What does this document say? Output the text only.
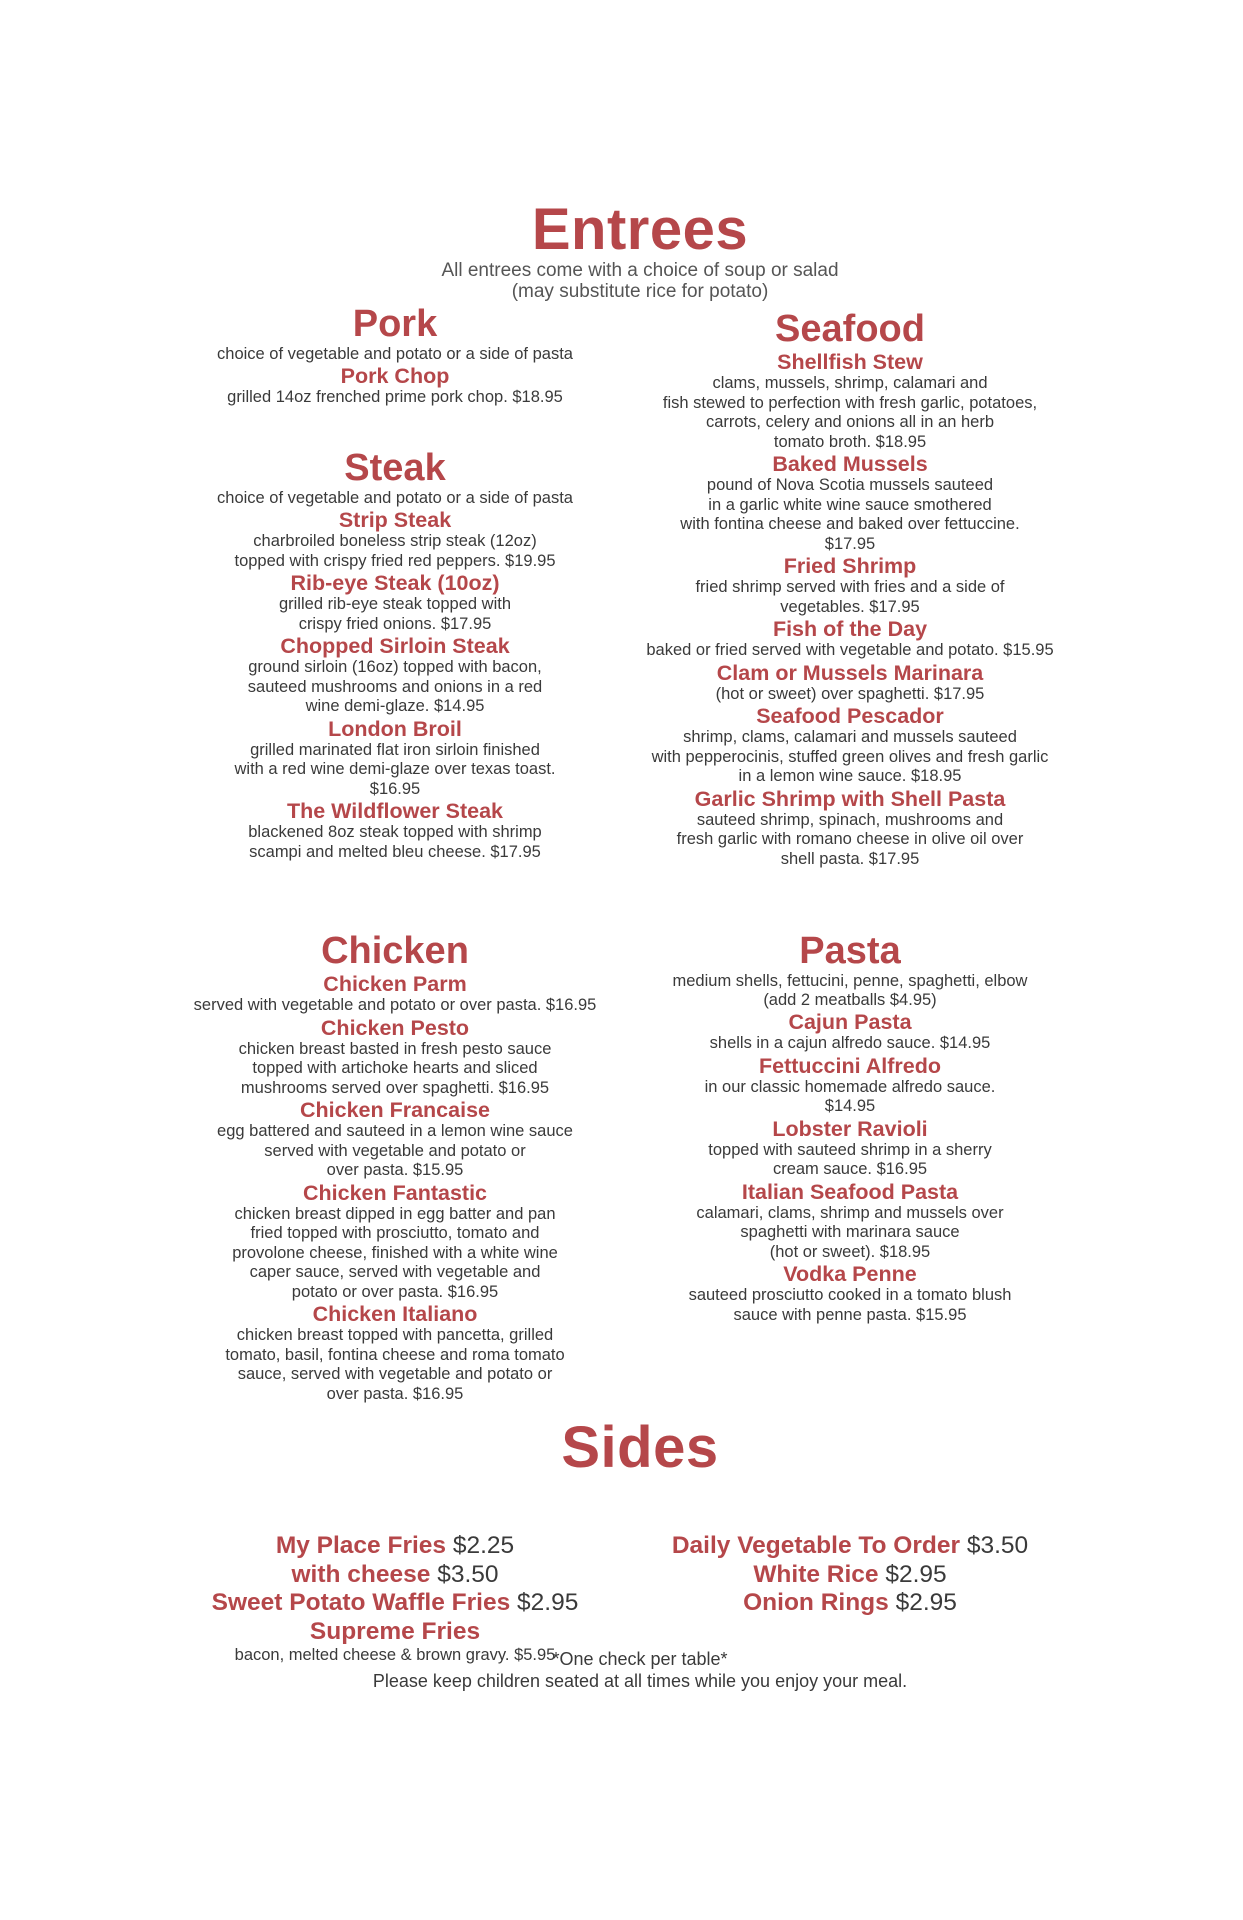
Entrees
All entrees come with a choice of soup or salad
(may substitute rice for potato)
Pork
choice of vegetable and potato or a side of pasta
Pork Chop
grilled 14oz frenched prime pork chop. $18.95
Steak
choice of vegetable and potato or a side of pasta
Strip Steak
charbroiled boneless strip steak (12oz)
topped with crispy fried red peppers. $19.95
Rib-eye Steak (10oz)
grilled rib-eye steak topped with
crispy fried onions. $17.95
Chopped Sirloin Steak
ground sirloin (16oz) topped with bacon,
sauteed mushrooms and onions in a red
wine demi-glaze. $14.95
London Broil
grilled marinated flat iron sirloin finished
with a red wine demi-glaze over texas toast.
$16.95
The Wildflower Steak
blackened 8oz steak topped with shrimp
scampi and melted bleu cheese. $17.95
Seafood
Shellfish Stew
clams, mussels, shrimp, calamari and
fish stewed to perfection with fresh garlic, potatoes,
carrots, celery and onions all in an herb
tomato broth. $18.95
Baked Mussels
pound of Nova Scotia mussels sauteed
in a garlic white wine sauce smothered
with fontina cheese and baked over fettuccine.
$17.95
Fried Shrimp
fried shrimp served with fries and a side of
vegetables. $17.95
Fish of the Day
baked or fried served with vegetable and potato. $15.95
Clam or Mussels Marinara
(hot or sweet) over spaghetti. $17.95
Seafood Pescador
shrimp, clams, calamari and mussels sauteed
with pepperocinis, stuffed green olives and fresh garlic
in a lemon wine sauce. $18.95
Garlic Shrimp with Shell Pasta
sauteed shrimp, spinach, mushrooms and
fresh garlic with romano cheese in olive oil over
shell pasta. $17.95
Chicken
Chicken Parm
served with vegetable and potato or over pasta. $16.95
Chicken Pesto
chicken breast basted in fresh pesto sauce
topped with artichoke hearts and sliced
mushrooms served over spaghetti. $16.95
Chicken Francaise
egg battered and sauteed in a lemon wine sauce
served with vegetable and potato or
over pasta. $15.95
Chicken Fantastic
chicken breast dipped in egg batter and pan
fried topped with prosciutto, tomato and
provolone cheese, finished with a white wine
caper sauce, served with vegetable and
potato or over pasta. $16.95
Chicken Italiano
chicken breast topped with pancetta, grilled
tomato, basil, fontina cheese and roma tomato
sauce, served with vegetable and potato or
over pasta. $16.95
Pasta
medium shells, fettucini, penne, spaghetti, elbow
(add 2 meatballs $4.95)
Cajun Pasta
shells in a cajun alfredo sauce. $14.95
Fettuccini Alfredo
in our classic homemade alfredo sauce.
$14.95
Lobster Ravioli
topped with sauteed shrimp in a sherry
cream sauce. $16.95
Italian Seafood Pasta
calamari, clams, shrimp and mussels over
spaghetti with marinara sauce
(hot or sweet). $18.95
Vodka Penne
sauteed prosciutto cooked in a tomato blush
sauce with penne pasta. $15.95
Sides
My Place Fries $2.25
with cheese $3.50
Sweet Potato Waffle Fries $2.95
Supreme Fries
bacon, melted cheese & brown gravy. $5.95
Daily Vegetable To Order $3.50
White Rice $2.95
Onion Rings $2.95
*One check per table*
Please keep children seated at all times while you enjoy your meal.
